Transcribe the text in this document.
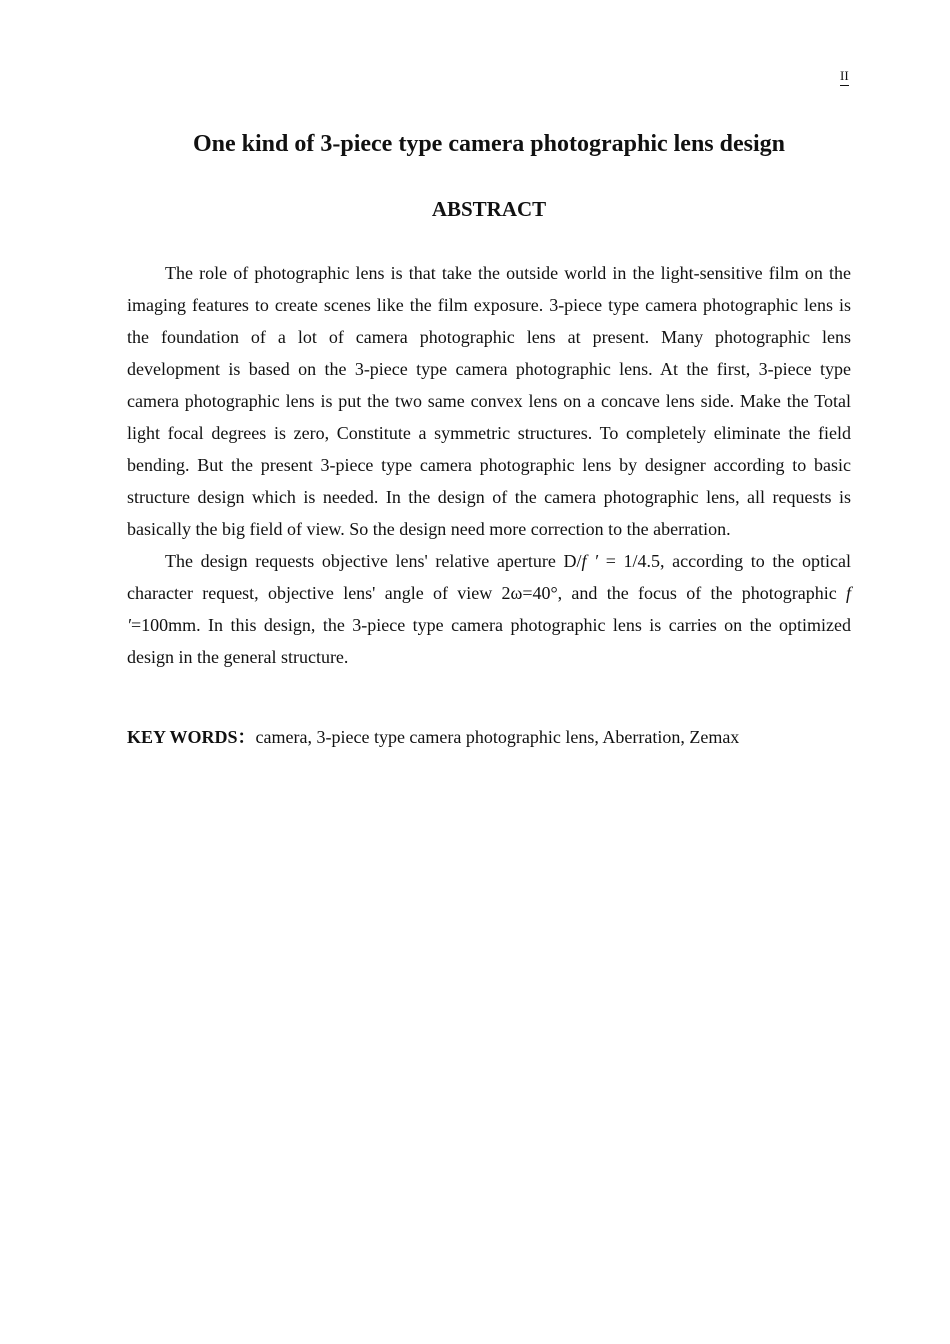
II
One kind of 3-piece type camera photographic lens design
ABSTRACT

The role of photographic lens is that take the outside world in the light-sensitive film on the imaging features to create scenes like the film exposure. 3-piece type camera photographic lens is the foundation of a lot of camera photographic lens at present. Many photographic lens development is based on the 3-piece type camera photographic lens. At the first, 3-piece type camera photographic lens is put the two same convex lens on a concave lens side. Make the Total light focal degrees is zero, Constitute a symmetric structures. To completely eliminate the field bending. But the present 3-piece type camera photographic lens by designer according to basic structure design which is needed. In the design of the camera photographic lens, all requests is basically the big field of view. So the design need more correction to the aberration.

The design requests objective lens' relative aperture D/f ′ = 1/4.5, according to the optical character request, objective lens' angle of view 2ω=40°, and the focus of the photographic f ′=100mm. In this design, the 3-piece type camera photographic lens is carries on the optimized design in the general structure.

KEY WORDS：camera, 3-piece type camera photographic lens, Aberration, Zemax
